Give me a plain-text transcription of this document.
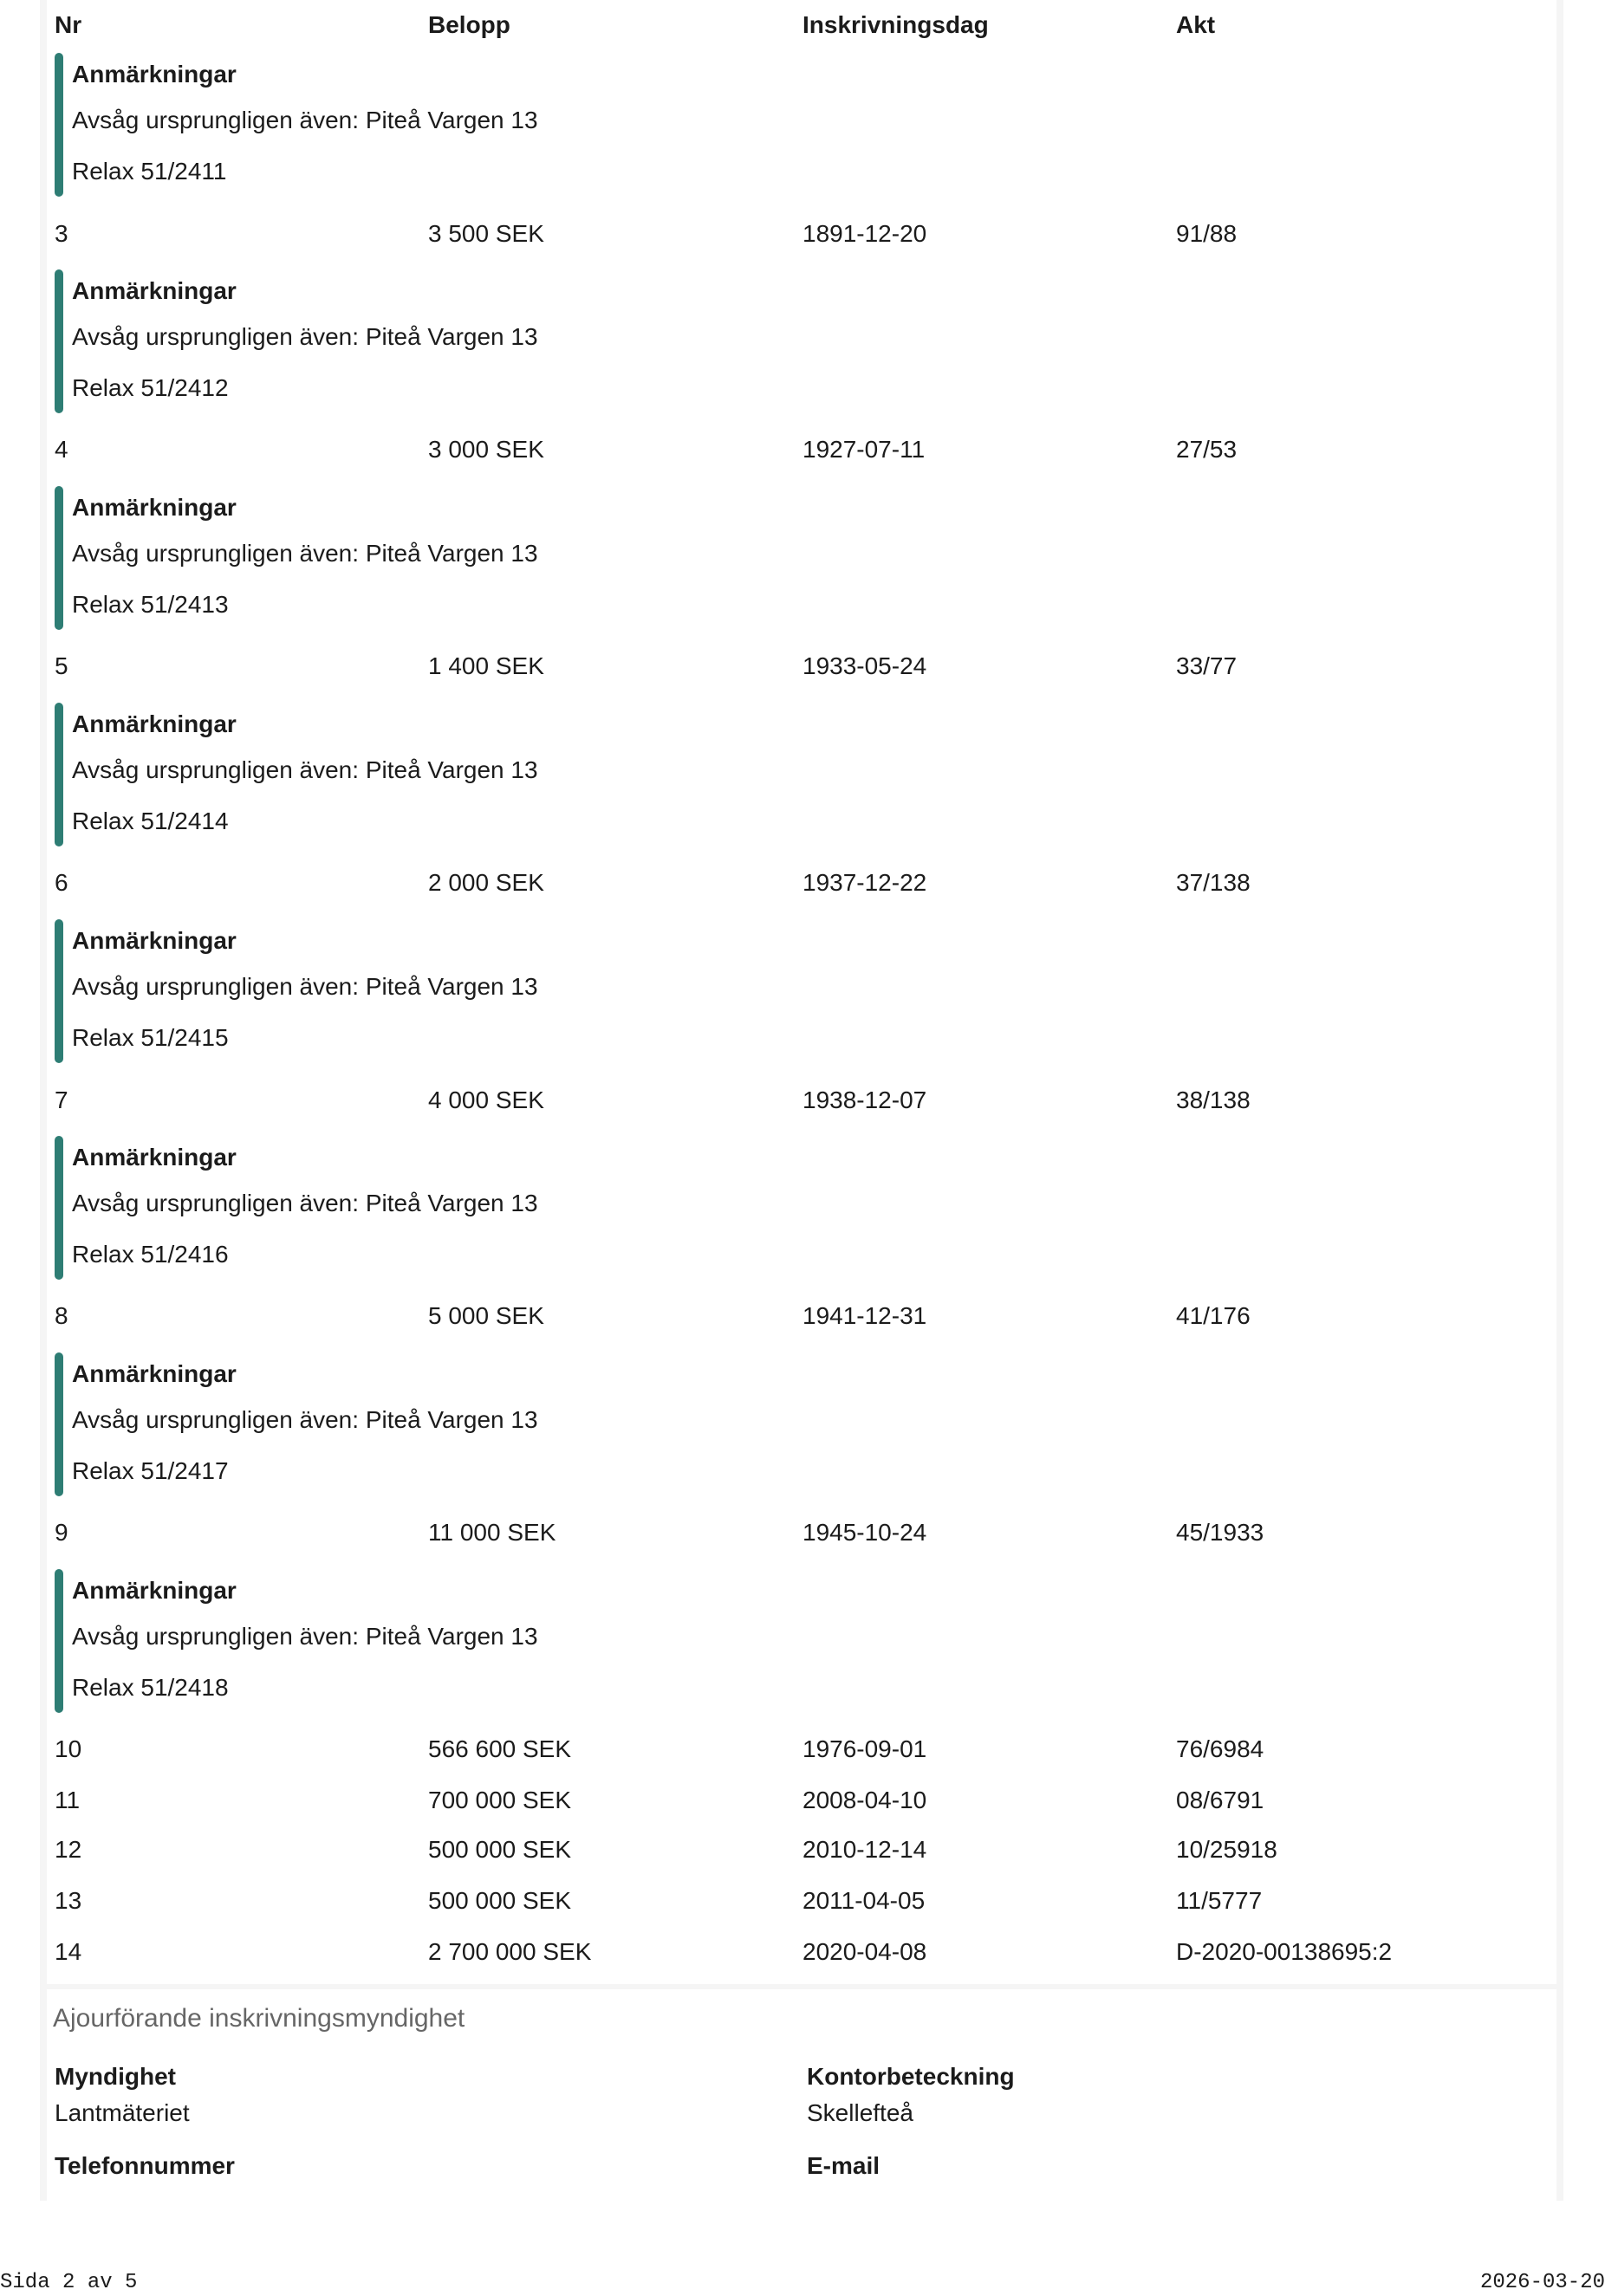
Nr	Belopp	Inskrivningsdag	Akt
Anmärkningar
Avsåg ursprungligen även: Piteå Vargen 13
Relax 51/2411
3	3 500 SEK	1891-12-20	91/88
Anmärkningar
Avsåg ursprungligen även: Piteå Vargen 13
Relax 51/2412
4	3 000 SEK	1927-07-11	27/53
Anmärkningar
Avsåg ursprungligen även: Piteå Vargen 13
Relax 51/2413
5	1 400 SEK	1933-05-24	33/77
Anmärkningar
Avsåg ursprungligen även: Piteå Vargen 13
Relax 51/2414
6	2 000 SEK	1937-12-22	37/138
Anmärkningar
Avsåg ursprungligen även: Piteå Vargen 13
Relax 51/2415
7	4 000 SEK	1938-12-07	38/138
Anmärkningar
Avsåg ursprungligen även: Piteå Vargen 13
Relax 51/2416
8	5 000 SEK	1941-12-31	41/176
Anmärkningar
Avsåg ursprungligen även: Piteå Vargen 13
Relax 51/2417
9	11 000 SEK	1945-10-24	45/1933
Anmärkningar
Avsåg ursprungligen även: Piteå Vargen 13
Relax 51/2418
10	566 600 SEK	1976-09-01	76/6984
11	700 000 SEK	2008-04-10	08/6791
12	500 000 SEK	2010-12-14	10/25918
13	500 000 SEK	2011-04-05	11/5777
14	2 700 000 SEK	2020-04-08	D-2020-00138695:2
Ajourförande inskrivningsmyndighet
Myndighet
Lantmäteriet
Kontorbeteckning
Skellefteå
Telefonnummer	E-mail
Sida 2 av 5	2026-03-20
